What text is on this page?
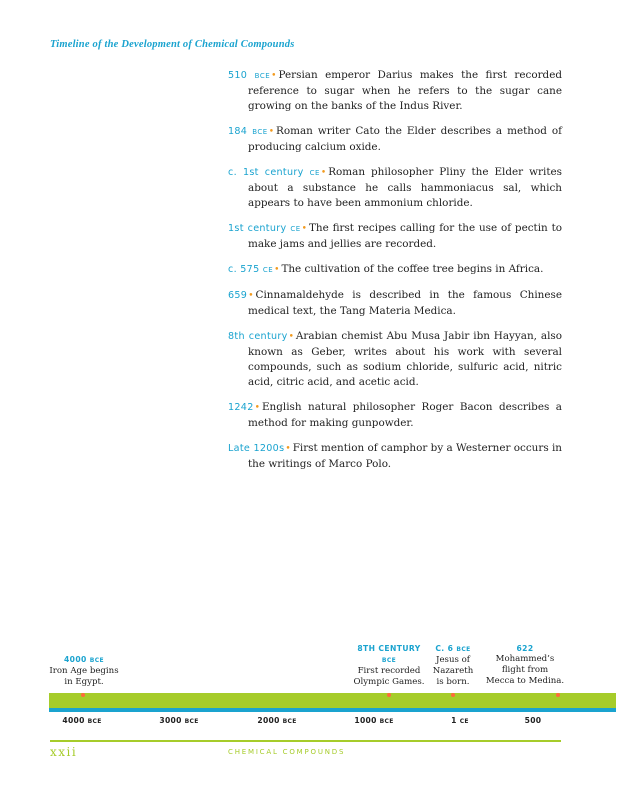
Timeline of the Development of Chemical Compounds

510 BCE• Persian emperor Darius makes the first recorded reference to sugar when he refers to the sugar cane growing on the banks of the Indus River.

184 BCE• Roman writer Cato the Elder describes a method of producing calcium oxide.

c. 1st century CE• Roman philosopher Pliny the Elder writes about a substance he calls hammoniacus sal, which appears to have been ammonium chloride.

1st century CE• The first recipes calling for the use of pectin to make jams and jellies are recorded.

c. 575 CE• The cultivation of the coffee tree begins in Africa.

659• Cinnamaldehyde is described in the famous Chinese medical text, the Tang Materia Medica.

8th century• Arabian chemist Abu Musa Jabir ibn Hayyan, also known as Geber, writes about his work with several compounds, such as sodium chloride, sulfuric acid, nitric acid, citric acid, and acetic acid.

1242• English natural philosopher Roger Bacon describes a method for making gunpowder.

Late 1200s• First mention of camphor by a Westerner occurs in the writings of Marco Polo.

4000 BCE
Iron Age begins
in Egypt.
8TH CENTURY
BCE
First recorded
Olympic Games.
C. 6 BCE
Jesus of
Nazareth
is born.
622
Mohammed’s
flight from
Mecca to Medina.
4000 BCE	3000 BCE	2000 BCE	1000 BCE	1 CE	500
xxii	CHEMICAL COMPOUNDS
